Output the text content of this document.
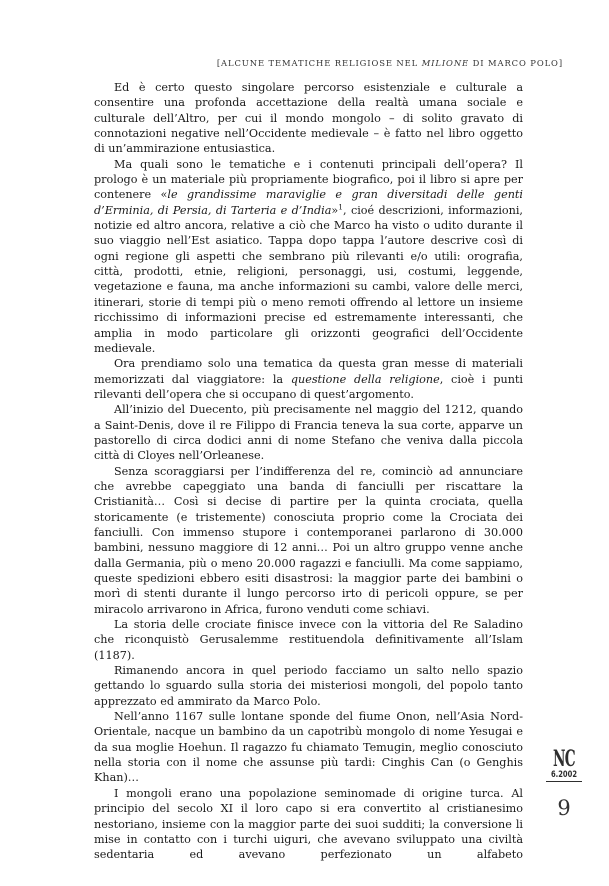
[ALCUNE TEMATICHE RELIGIOSE NEL MILIONE DI MARCO POLO]

Ed è certo questo singolare percorso esistenziale e culturale a consentire una profonda accettazione della realtà umana sociale e culturale dell’Altro, per cui il mondo mongolo – di solito gravato di connotazioni negative nell’Occidente medievale – è fatto nel libro oggetto di un’ammirazione entusiastica.

Ma quali sono le tematiche e i contenuti principali dell’opera? Il prologo è un materiale più propriamente biografico, poi il libro si apre per contenere «le grandissime maraviglie e gran diversitadi delle genti d’Erminia, di Persia, di Tarteria e d’India»$^1$, cioé descrizioni, informazioni, notizie ed altro ancora, relative a ciò che Marco ha visto o udito durante il suo viaggio nell’Est asiatico. Tappa dopo tappa l’autore descrive così di ogni regione gli aspetti che sembrano più rilevanti e/o utili: orografia, città, prodotti, etnie, religioni, personaggi, usi, costumi, leggende, vegetazione e fauna, ma anche informazioni su cambi, valore delle merci, itinerari, storie di tempi più o meno remoti offrendo al lettore un insieme ricchissimo di informazioni precise ed estremamente interessanti, che amplia in modo particolare gli orizzonti geografici dell’Occidente medievale.

Ora prendiamo solo una tematica da questa gran messe di materiali memorizzati dal viaggiatore: la questione della religione, cioè i punti rilevanti dell’opera che si occupano di quest’argomento.

All’inizio del Duecento, più precisamente nel maggio del 1212, quando a Saint-Denis, dove il re Filippo di Francia teneva la sua corte, apparve un pastorello di circa dodici anni di nome Stefano che veniva dalla piccola città di Cloyes nell’Orleanese.

Senza scoraggiarsi per l’indifferenza del re, cominciò ad annunciare che avrebbe capeggiato una banda di fanciulli per riscattare la Cristianità… Così si decise di partire per la quinta crociata, quella storicamente (e tristemente) conosciuta proprio come la Crociata dei fanciulli. Con immenso stupore i contemporanei parlarono di 30.000 bambini, nessuno maggiore di 12 anni… Poi un altro gruppo venne anche dalla Germania, più o meno 20.000 ragazzi e fanciulli. Ma come sappiamo, queste spedizioni ebbero esiti disastrosi: la maggior parte dei bambini o morì di stenti durante il lungo percorso irto di pericoli oppure, se per miracolo arrivarono in Africa, furono venduti come schiavi.

La storia delle crociate finisce invece con la vittoria del Re Saladino che riconquistò Gerusalemme restituendola definitivamente all’Islam (1187).

Rimanendo ancora in quel periodo facciamo un salto nello spazio gettando lo sguardo sulla storia dei misteriosi mongoli, del popolo tanto apprezzato ed ammirato da Marco Polo.

Nell’anno 1167 sulle lontane sponde del fiume Onon, nell’Asia Nord-Orientale, nacque un bambino da un capotribù mongolo di nome Yesugai e da sua moglie Hoehun. Il ragazzo fu chiamato Temugin, meglio conosciuto nella storia con il nome che assunse più tardi: Cinghis Can (o Genghis Khan)…

I mongoli erano una popolazione seminomade di origine turca. Al principio del secolo XI il loro capo si era convertito al cristianesimo nestoriano, insieme con la maggior parte dei suoi sudditi; la conversione li mise in contatto con i turchi uiguri, che avevano sviluppato una civiltà sedentaria ed avevano perfezionato un alfabeto

NC
6.2002
9
